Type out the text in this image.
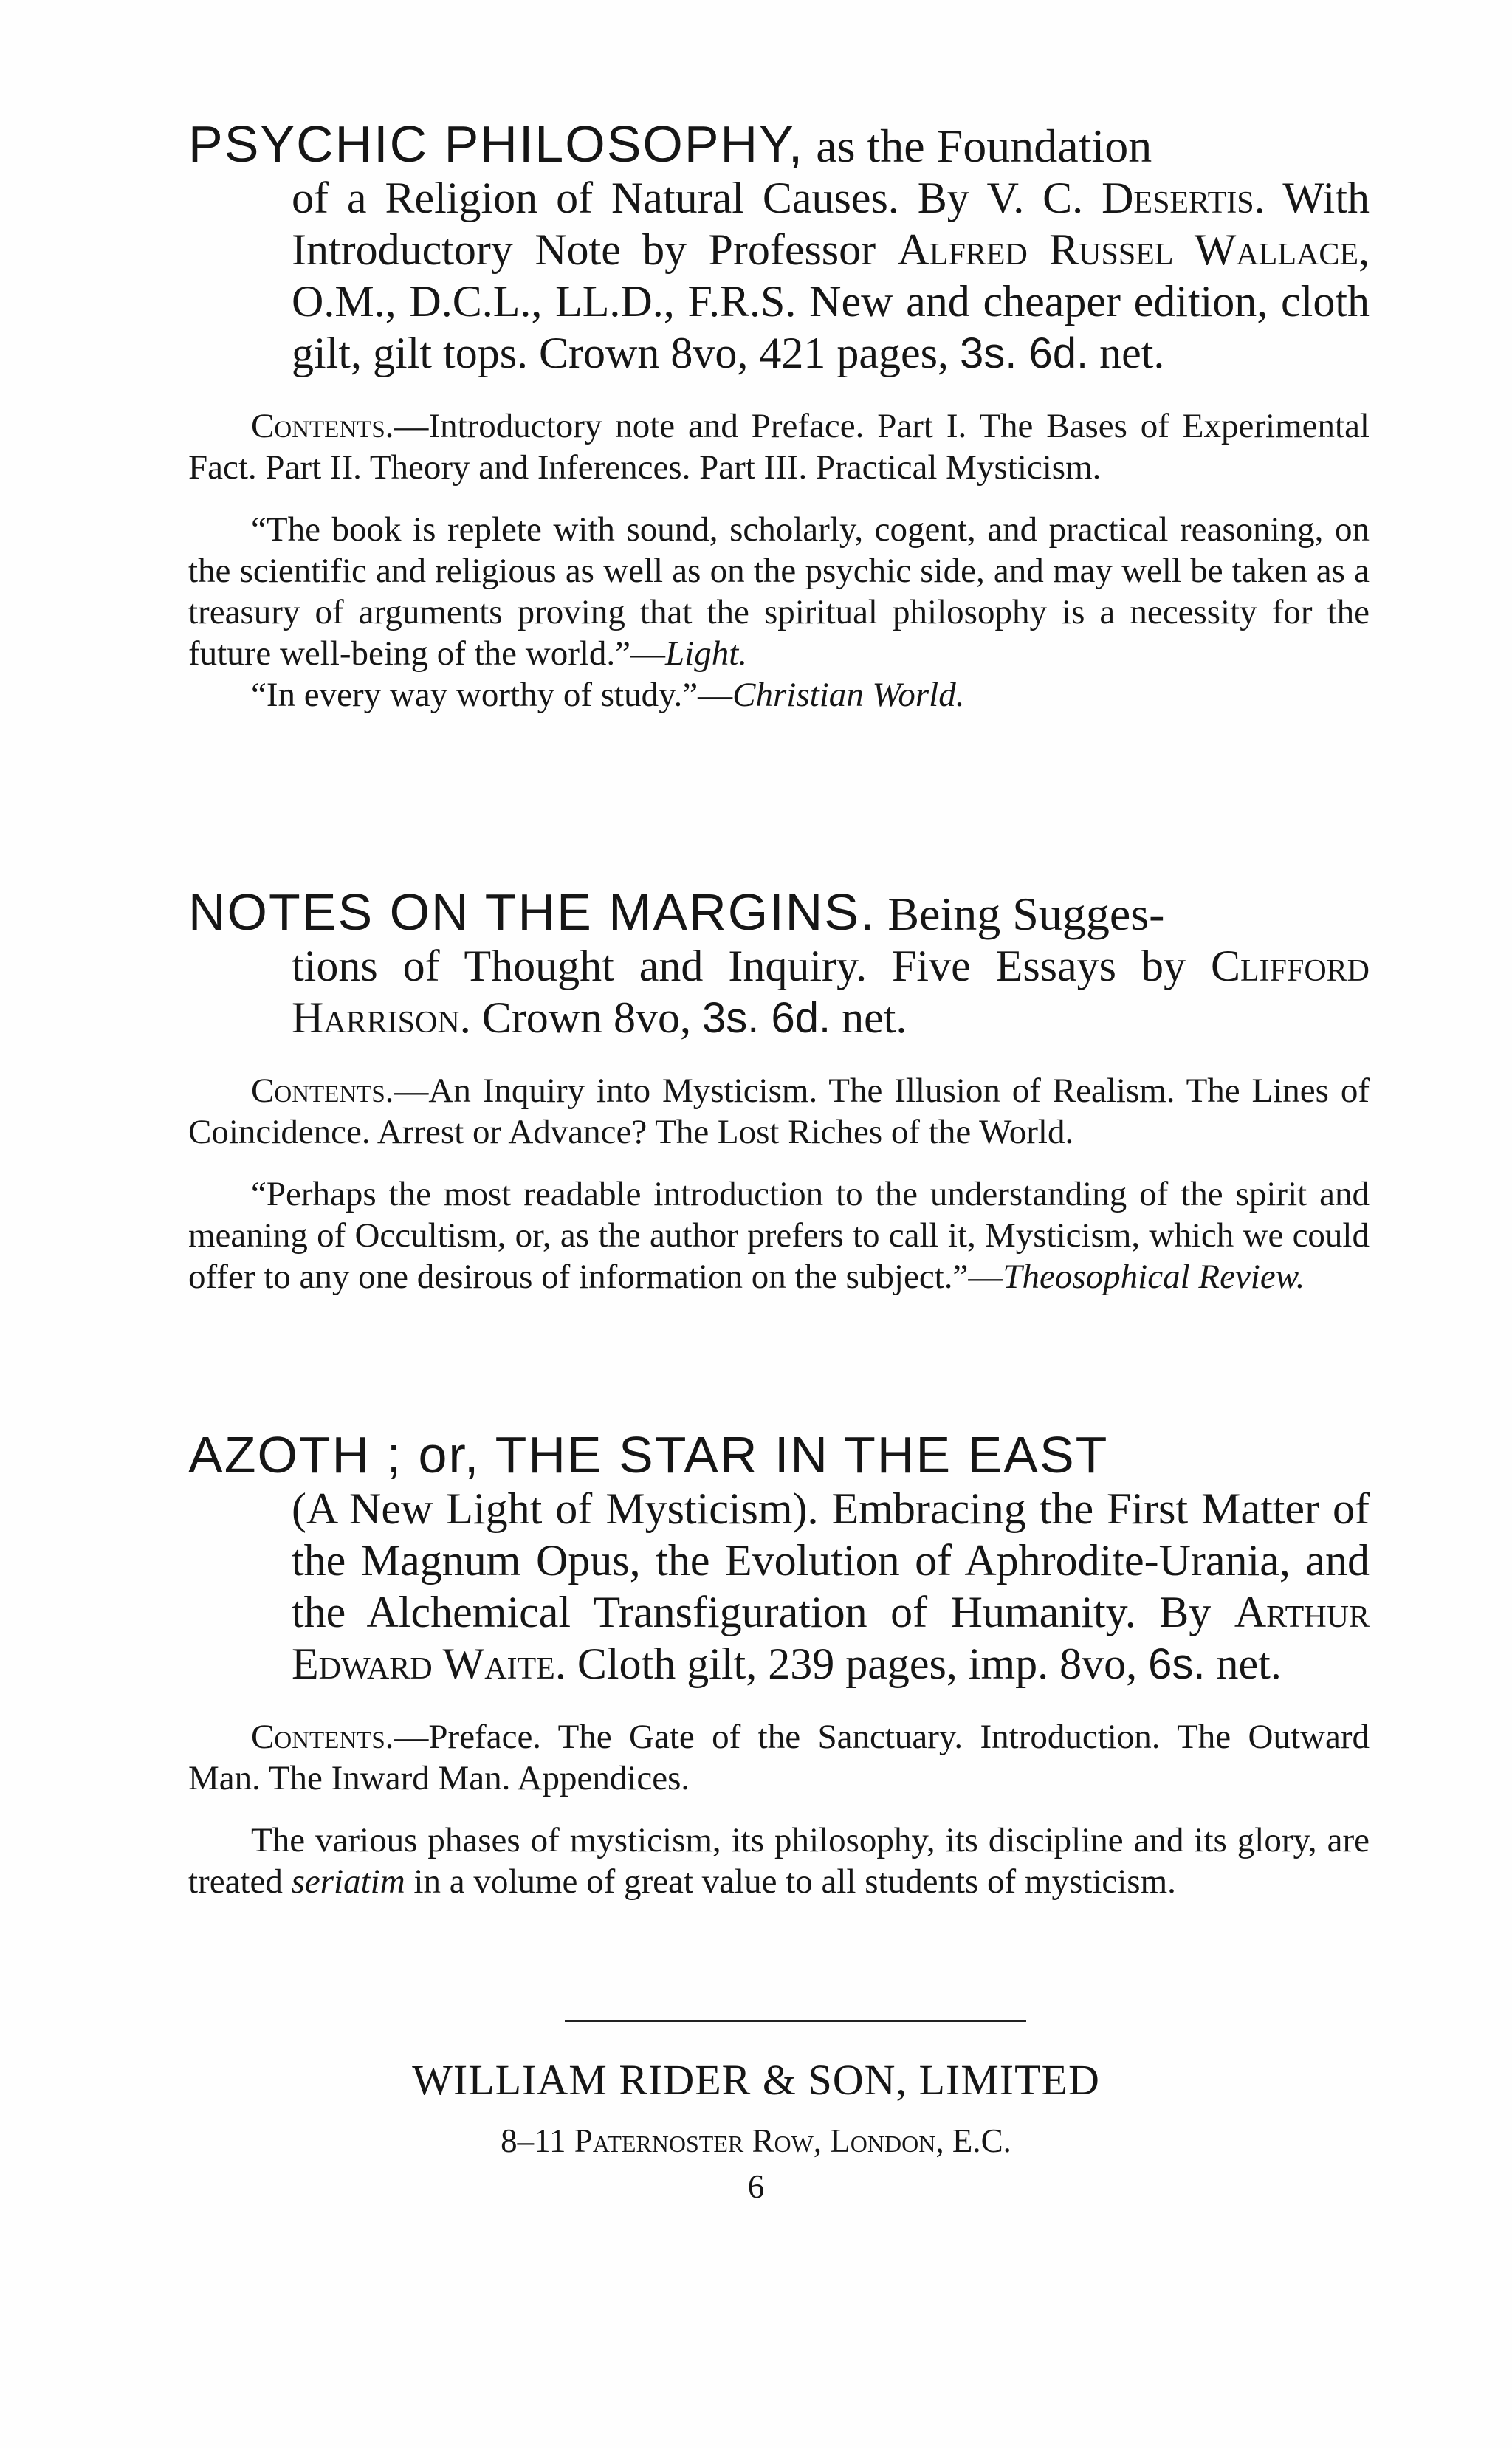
PSYCHIC PHILOSOPHY, as the Foundation
of a Religion of Natural Causes. By V. C. Desertis. With Introductory Note by Professor Alfred Russel Wallace, O.M., D.C.L., LL.D., F.R.S. New and cheaper edition, cloth gilt, gilt tops. Crown 8vo, 421 pages, 3s. 6d. net.

Contents.—Introductory note and Preface. Part I. The Bases of Experimental Fact. Part II. Theory and Inferences. Part III. Practical Mysticism.

“The book is replete with sound, scholarly, cogent, and practical reasoning, on the scientific and religious as well as on the psychic side, and may well be taken as a treasury of arguments proving that the spiritual philosophy is a necessity for the future well-being of the world.”—Light.

“In every way worthy of study.”—Christian World.

NOTES ON THE MARGINS. Being Sugges-
tions of Thought and Inquiry. Five Essays by Clifford Harrison. Crown 8vo, 3s. 6d. net.

Contents.—An Inquiry into Mysticism. The Illusion of Realism. The Lines of Coincidence. Arrest or Advance? The Lost Riches of the World.

“Perhaps the most readable introduction to the understanding of the spirit and meaning of Occultism, or, as the author prefers to call it, Mysticism, which we could offer to any one desirous of information on the subject.”—Theosophical Review.

AZOTH ; or, THE STAR IN THE EAST
(A New Light of Mysticism). Embracing the First Matter of the Magnum Opus, the Evolution of Aphrodite-Urania, and the Alchemical Transfiguration of Humanity. By Arthur Edward Waite. Cloth gilt, 239 pages, imp. 8vo, 6s. net.

Contents.—Preface. The Gate of the Sanctuary. Introduction. The Outward Man. The Inward Man. Appendices.

The various phases of mysticism, its philosophy, its discipline and its glory, are treated seriatim in a volume of great value to all students of mysticism.

WILLIAM RIDER & SON, LIMITED
8–11 Paternoster Row, London, E.C.
6
